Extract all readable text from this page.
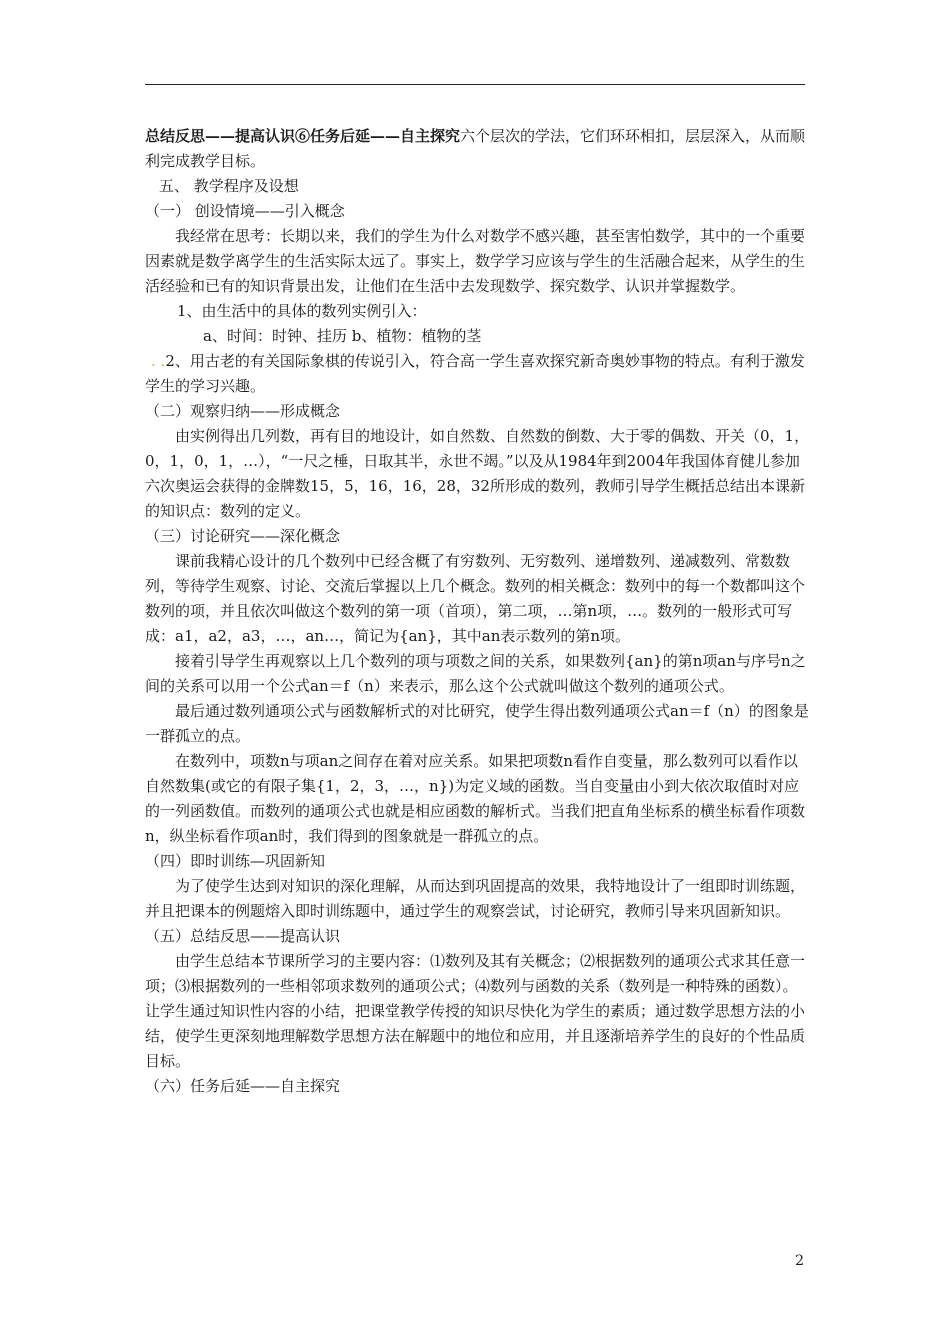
总结反思——提高认识⑥任务后延——自主探究六个层次的学法，它们环环相扣，层层深入，从而顺利完成教学目标。

五、 教学程序及设想

（一） 创设情境——引入概念

我经常在思考：长期以来，我们的学生为什么对数学不感兴趣，甚至害怕数学，其中的一个重要因素就是数学离学生的生活实际太远了。事实上，数学学习应该与学生的生活融合起来，从学生的生活经验和已有的知识背景出发，让他们在生活中去发现数学、探究数学、认识并掌握数学。

1、由生活中的具体的数列实例引入：

a、时间：时钟、挂历 b、植物：植物的茎

. .2、用古老的有关国际象棋的传说引入，符合高一学生喜欢探究新奇奥妙事物的特点。有利于激发学生的学习兴趣。

（二）观察归纳——形成概念

由实例得出几列数，再有目的地设计，如自然数、自然数的倒数、大于零的偶数、开关（0，1，0，1，0，1，…），“一尺之棰，日取其半，永世不竭。”以及从1984年到2004年我国体育健儿参加六次奥运会获得的金牌数15，5，16，16，28，32所形成的数列，教师引导学生概括总结出本课新的知识点：数列的定义。

（三）讨论研究——深化概念

课前我精心设计的几个数列中已经含概了有穷数列、无穷数列、递增数列、递减数列、常数数列，等待学生观察、讨论、交流后掌握以上几个概念。数列的相关概念：数列中的每一个数都叫这个数列的项，并且依次叫做这个数列的第一项（首项），第二项，…第n项，…。数列的一般形式可写成：a1，a2，a3，…，an…，简记为{an}，其中an表示数列的第n项。

接着引导学生再观察以上几个数列的项与项数之间的关系，如果数列{an}的第n项an与序号n之间的关系可以用一个公式an＝f（n）来表示，那么这个公式就叫做这个数列的通项公式。

最后通过数列通项公式与函数解析式的对比研究，使学生得出数列通项公式an＝f（n）的图象是一群孤立的点。

在数列中，项数n与项an之间存在着对应关系。如果把项数n看作自变量，那么数列可以看作以自然数集(或它的有限子集{1，2，3，…，n})为定义域的函数。当自变量由小到大依次取值时对应的一列函数值。而数列的通项公式也就是相应函数的解析式。当我们把直角坐标系的横坐标看作项数n，纵坐标看作项an时，我们得到的图象就是一群孤立的点。

（四）即时训练—巩固新知

为了使学生达到对知识的深化理解，从而达到巩固提高的效果，我特地设计了一组即时训练题，并且把课本的例题熔入即时训练题中，通过学生的观察尝试，讨论研究，教师引导来巩固新知识。

（五）总结反思——提高认识

由学生总结本节课所学习的主要内容：⑴数列及其有关概念；⑵根据数列的通项公式求其任意一项；⑶根据数列的一些相邻项求数列的通项公式；⑷数列与函数的关系（数列是一种特殊的函数）。让学生通过知识性内容的小结，把课堂教学传授的知识尽快化为学生的素质；通过数学思想方法的小结，使学生更深刻地理解数学思想方法在解题中的地位和应用，并且逐渐培养学生的良好的个性品质目标。

（六）任务后延——自主探究

2
